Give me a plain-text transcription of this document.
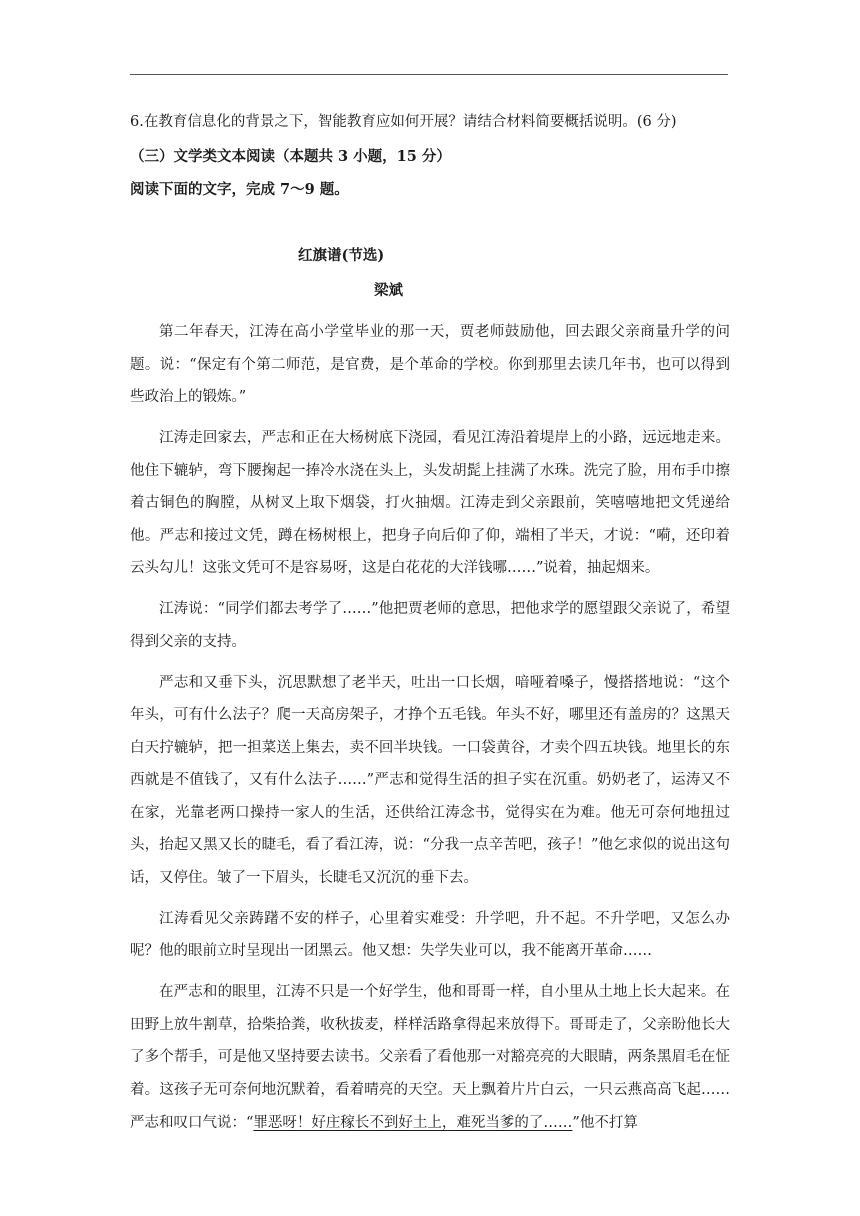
6.在教育信息化的背景之下，智能教育应如何开展？请结合材料简要概括说明。(6 分)
（三）文学类文本阅读（本题共 3 小题，15 分）
阅读下面的文字，完成 7～9 题。
红旗谱(节选)
梁斌

第二年春天，江涛在高小学堂毕业的那一天，贾老师鼓励他，回去跟父亲商量升学的问题。说：“保定有个第二师范，是官费，是个革命的学校。你到那里去读几年书，也可以得到些政治上的锻炼。”

江涛走回家去，严志和正在大杨树底下浇园，看见江涛沿着堤岸上的小路，远远地走来。他住下辘轳，弯下腰掬起一捧冷水浇在头上，头发胡髭上挂满了水珠。洗完了脸，用布手巾擦着古铜色的胸膛，从树叉上取下烟袋，打火抽烟。江涛走到父亲跟前，笑嘻嘻地把文凭递给他。严志和接过文凭，蹲在杨树根上，把身子向后仰了仰，端相了半天，才说：“嗬，还印着云头勾儿！这张文凭可不是容易呀，这是白花花的大洋钱哪……”说着，抽起烟来。

江涛说：“同学们都去考学了……”他把贾老师的意思，把他求学的愿望跟父亲说了，希望得到父亲的支持。

严志和又垂下头，沉思默想了老半天，吐出一口长烟，喑哑着嗓子，慢搭搭地说：“这个年头，可有什么法子？爬一天高房架子，才挣个五毛钱。年头不好，哪里还有盖房的？这黑天白天拧辘轳，把一担菜送上集去，卖不回半块钱。一口袋黄谷，才卖个四五块钱。地里长的东西就是不值钱了，又有什么法子……”严志和觉得生活的担子实在沉重。奶奶老了，运涛又不在家，光靠老两口操持一家人的生活，还供给江涛念书，觉得实在为难。他无可奈何地扭过头，抬起又黑又长的睫毛，看了看江涛，说：“分我一点辛苦吧，孩子！”他乞求似的说出这句话，又停住。皱了一下眉头，长睫毛又沉沉的垂下去。

江涛看见父亲踌躇不安的样子，心里着实难受：升学吧，升不起。不升学吧，又怎么办呢？他的眼前立时呈现出一团黑云。他又想：失学失业可以，我不能离开革命……

在严志和的眼里，江涛不只是一个好学生，他和哥哥一样，自小里从土地上长大起来。在田野上放牛割草，拾柴拾粪，收秋拔麦，样样活路拿得起来放得下。哥哥走了，父亲盼他长大了多个帮手，可是他又坚持要去读书。父亲看了看他那一对豁亮亮的大眼睛，两条黑眉毛在怔着。这孩子无可奈何地沉默着，看着晴亮的天空。天上飘着片片白云，一只云燕高高飞起……严志和叹口气说：“罪恶呀！好庄稼长不到好土上，难死当爹的了……”他不打算
